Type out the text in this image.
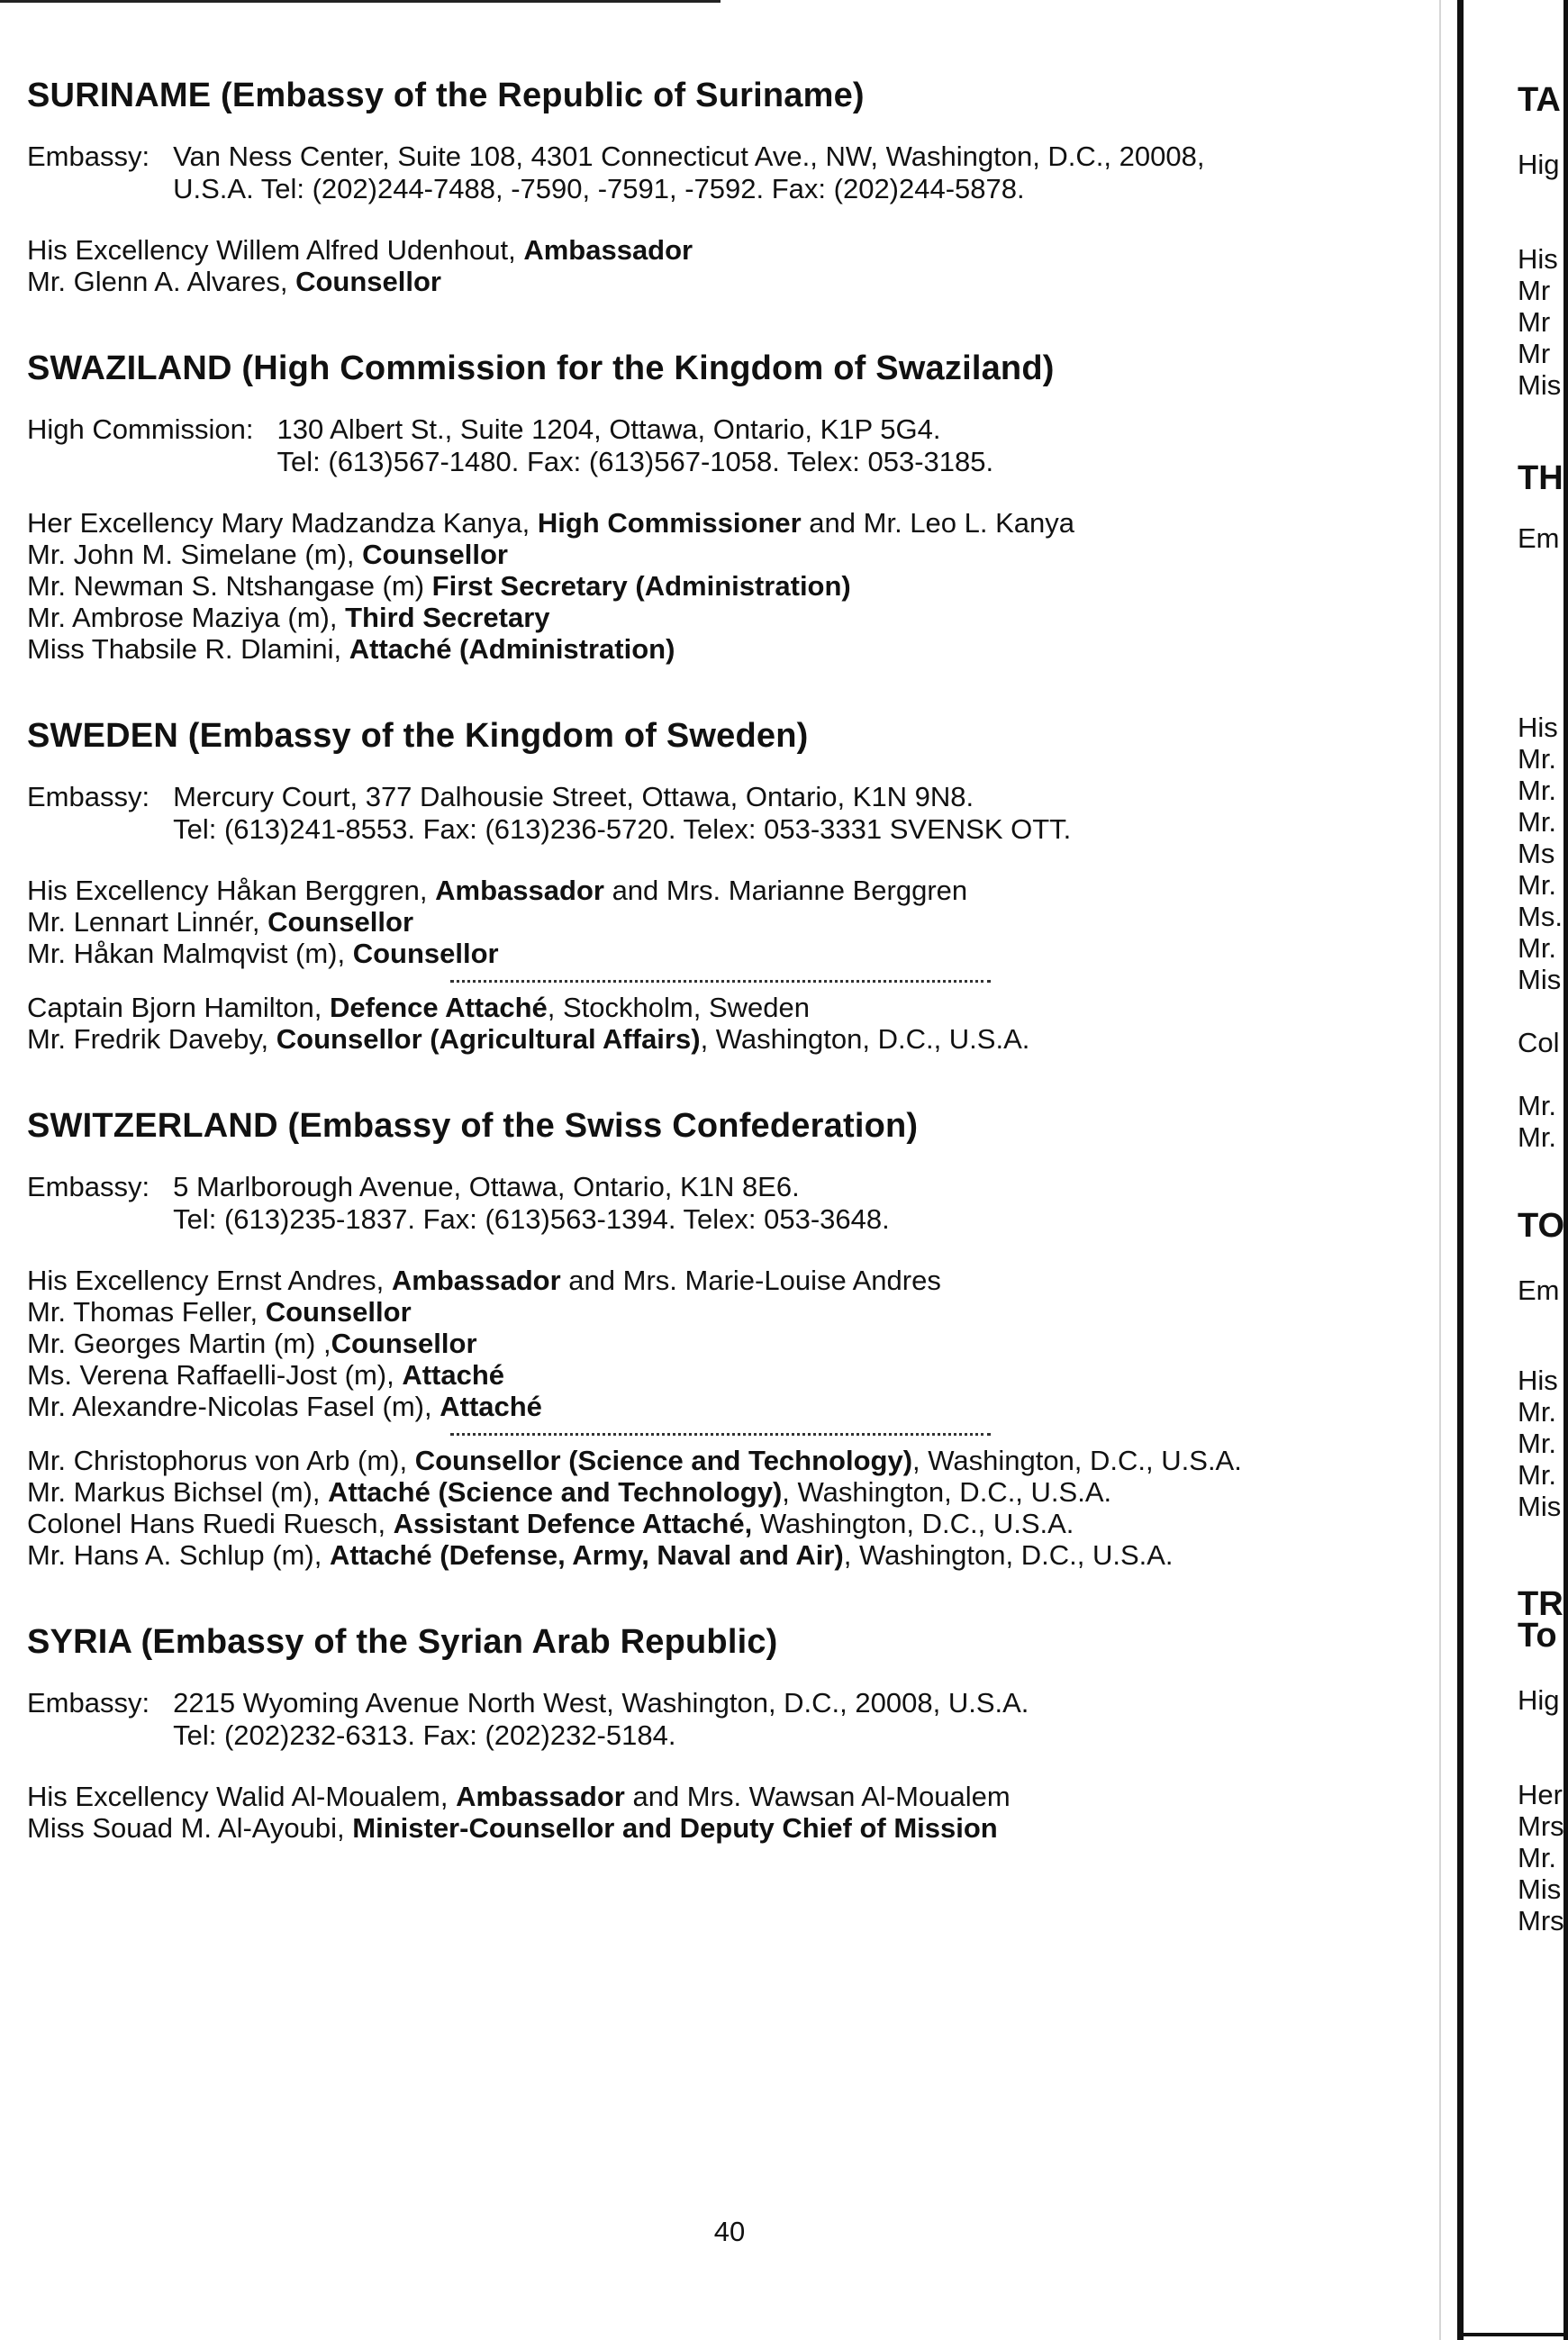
SURINAME (Embassy of the Republic of Suriname)
Embassy: Van Ness Center, Suite 108, 4301 Connecticut Ave., NW, Washington, D.C., 20008,
U.S.A. Tel: (202)244-7488, -7590, -7591, -7592. Fax: (202)244-5878.
His Excellency Willem Alfred Udenhout, Ambassador
Mr. Glenn A. Alvares, Counsellor
SWAZILAND (High Commission for the Kingdom of Swaziland)
High Commission: 130 Albert St., Suite 1204, Ottawa, Ontario, K1P 5G4.
Tel: (613)567-1480. Fax: (613)567-1058. Telex: 053-3185.
Her Excellency Mary Madzandza Kanya, High Commissioner and Mr. Leo L. Kanya
Mr. John M. Simelane (m), Counsellor
Mr. Newman S. Ntshangase (m) First Secretary (Administration)
Mr. Ambrose Maziya (m), Third Secretary
Miss Thabsile R. Dlamini, Attaché (Administration)
SWEDEN (Embassy of the Kingdom of Sweden)
Embassy: Mercury Court, 377 Dalhousie Street, Ottawa, Ontario, K1N 9N8.
Tel: (613)241-8553. Fax: (613)236-5720. Telex: 053-3331 SVENSK OTT.
His Excellency Håkan Berggren, Ambassador and Mrs. Marianne Berggren
Mr. Lennart Linnér, Counsellor
Mr. Håkan Malmqvist (m), Counsellor
Captain Bjorn Hamilton, Defence Attaché, Stockholm, Sweden
Mr. Fredrik Daveby, Counsellor (Agricultural Affairs), Washington, D.C., U.S.A.
SWITZERLAND (Embassy of the Swiss Confederation)
Embassy: 5 Marlborough Avenue, Ottawa, Ontario, K1N 8E6.
Tel: (613)235-1837. Fax: (613)563-1394. Telex: 053-3648.
His Excellency Ernst Andres, Ambassador and Mrs. Marie-Louise Andres
Mr. Thomas Feller, Counsellor
Mr. Georges Martin (m) ,Counsellor
Ms. Verena Raffaelli-Jost (m), Attaché
Mr. Alexandre-Nicolas Fasel (m), Attaché
Mr. Christophorus von Arb (m), Counsellor (Science and Technology), Washington, D.C., U.S.A.
Mr. Markus Bichsel (m), Attaché (Science and Technology), Washington, D.C., U.S.A.
Colonel Hans Ruedi Ruesch, Assistant Defence Attaché, Washington, D.C., U.S.A.
Mr. Hans A. Schlup (m), Attaché (Defense, Army, Naval and Air), Washington, D.C., U.S.A.
SYRIA (Embassy of the Syrian Arab Republic)
Embassy: 2215 Wyoming Avenue North West, Washington, D.C., 20008, U.S.A.
Tel: (202)232-6313. Fax: (202)232-5184.
His Excellency Walid Al-Moualem, Ambassador and Mrs. Wawsan Al-Moualem
Miss Souad M. Al-Ayoubi, Minister-Counsellor and Deputy Chief of Mission
40
TA
Hig
His
Mr
Mr
Mr
Mis
TH
Em
His
Mr.
Mr.
Mr.
Ms
Mr.
Ms.
Mr.
Mis
Col
Mr.
Mr.
TO
Em
His
Mr.
Mr.
Mr.
Mis
TR
To
Hig
Her
Mrs
Mr.
Mis
Mrs
